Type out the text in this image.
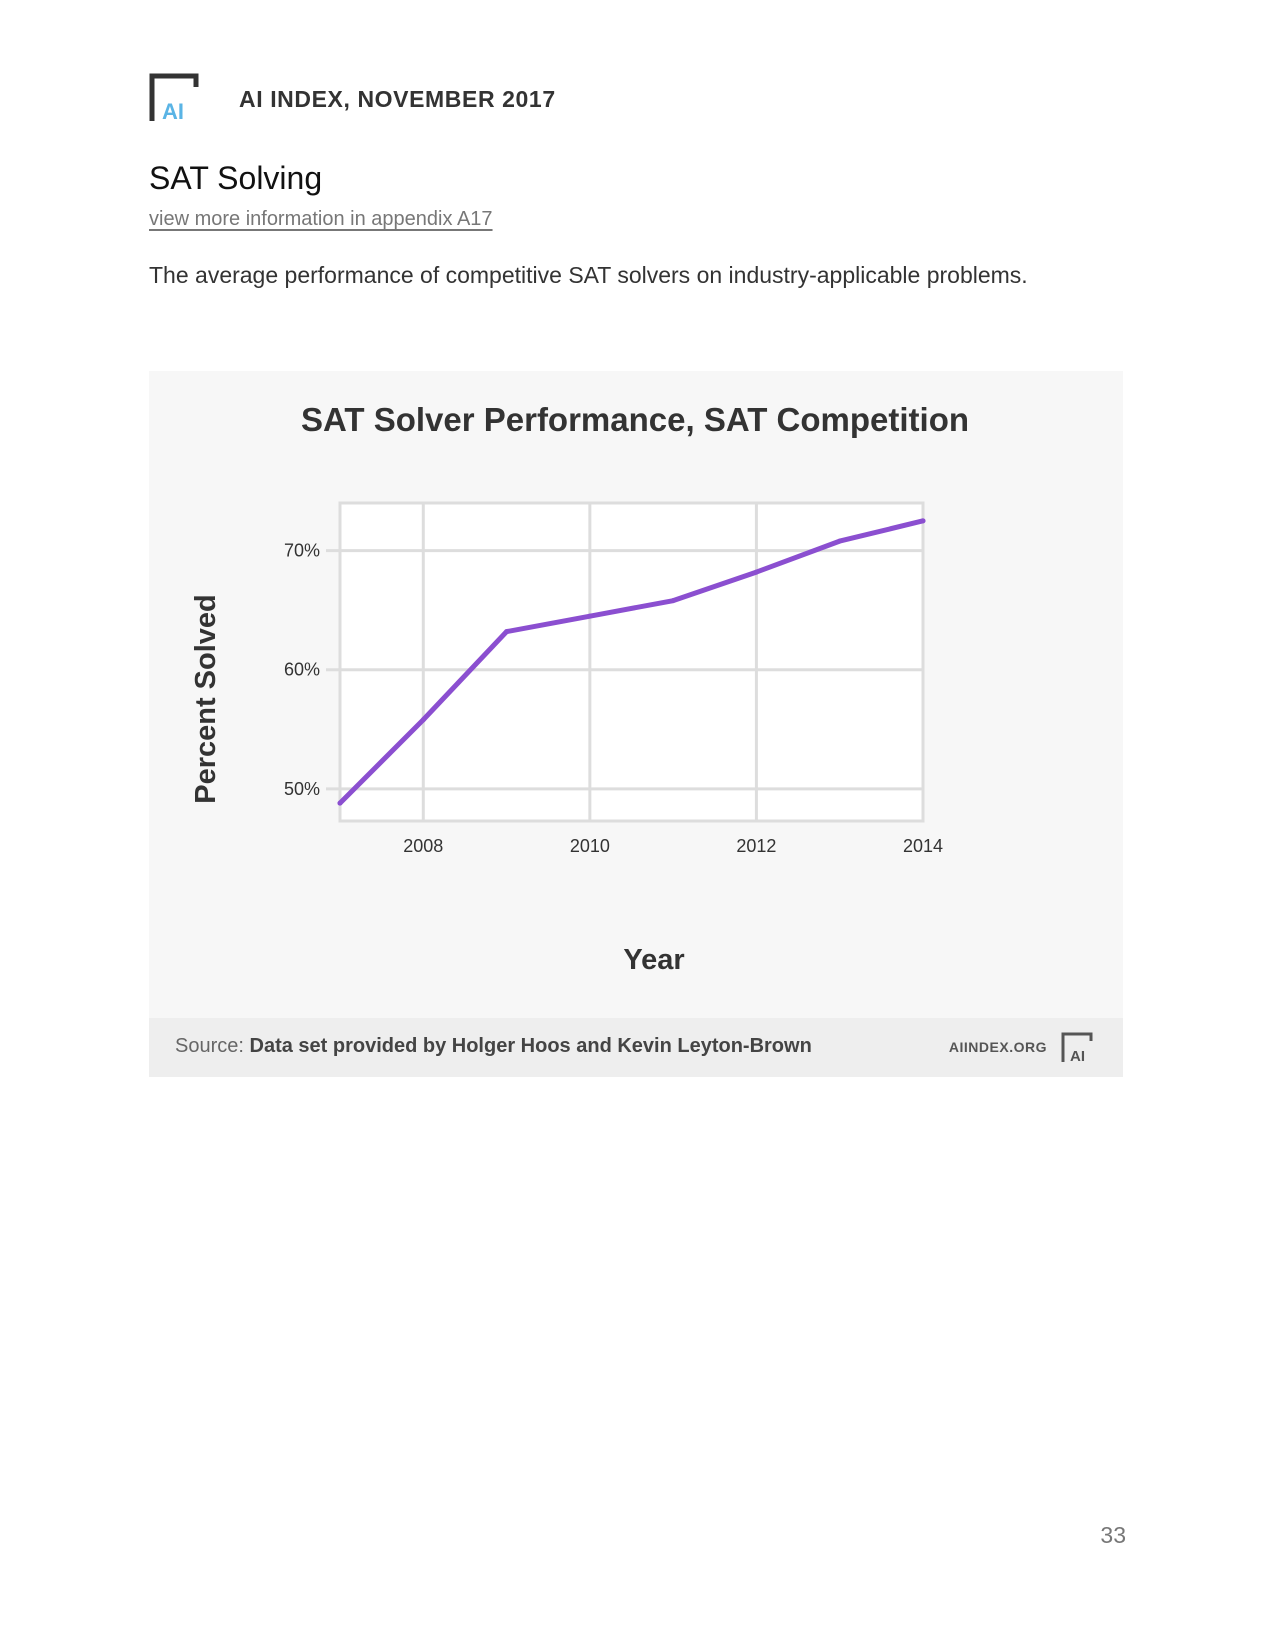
AI AI INDEX, NOVEMBER 2017
SAT Solving
view more information in appendix A17
The average performance of competitive SAT solvers on industry-applicable problems.
SAT Solver Performance, SAT Competition
2008	2010	2012	2014
50%
60%
70%
Year
Percent Solved
Source: Data set provided by Holger Hoos and Kevin Leyton-Brown	AIINDEX.ORG
AI
33
